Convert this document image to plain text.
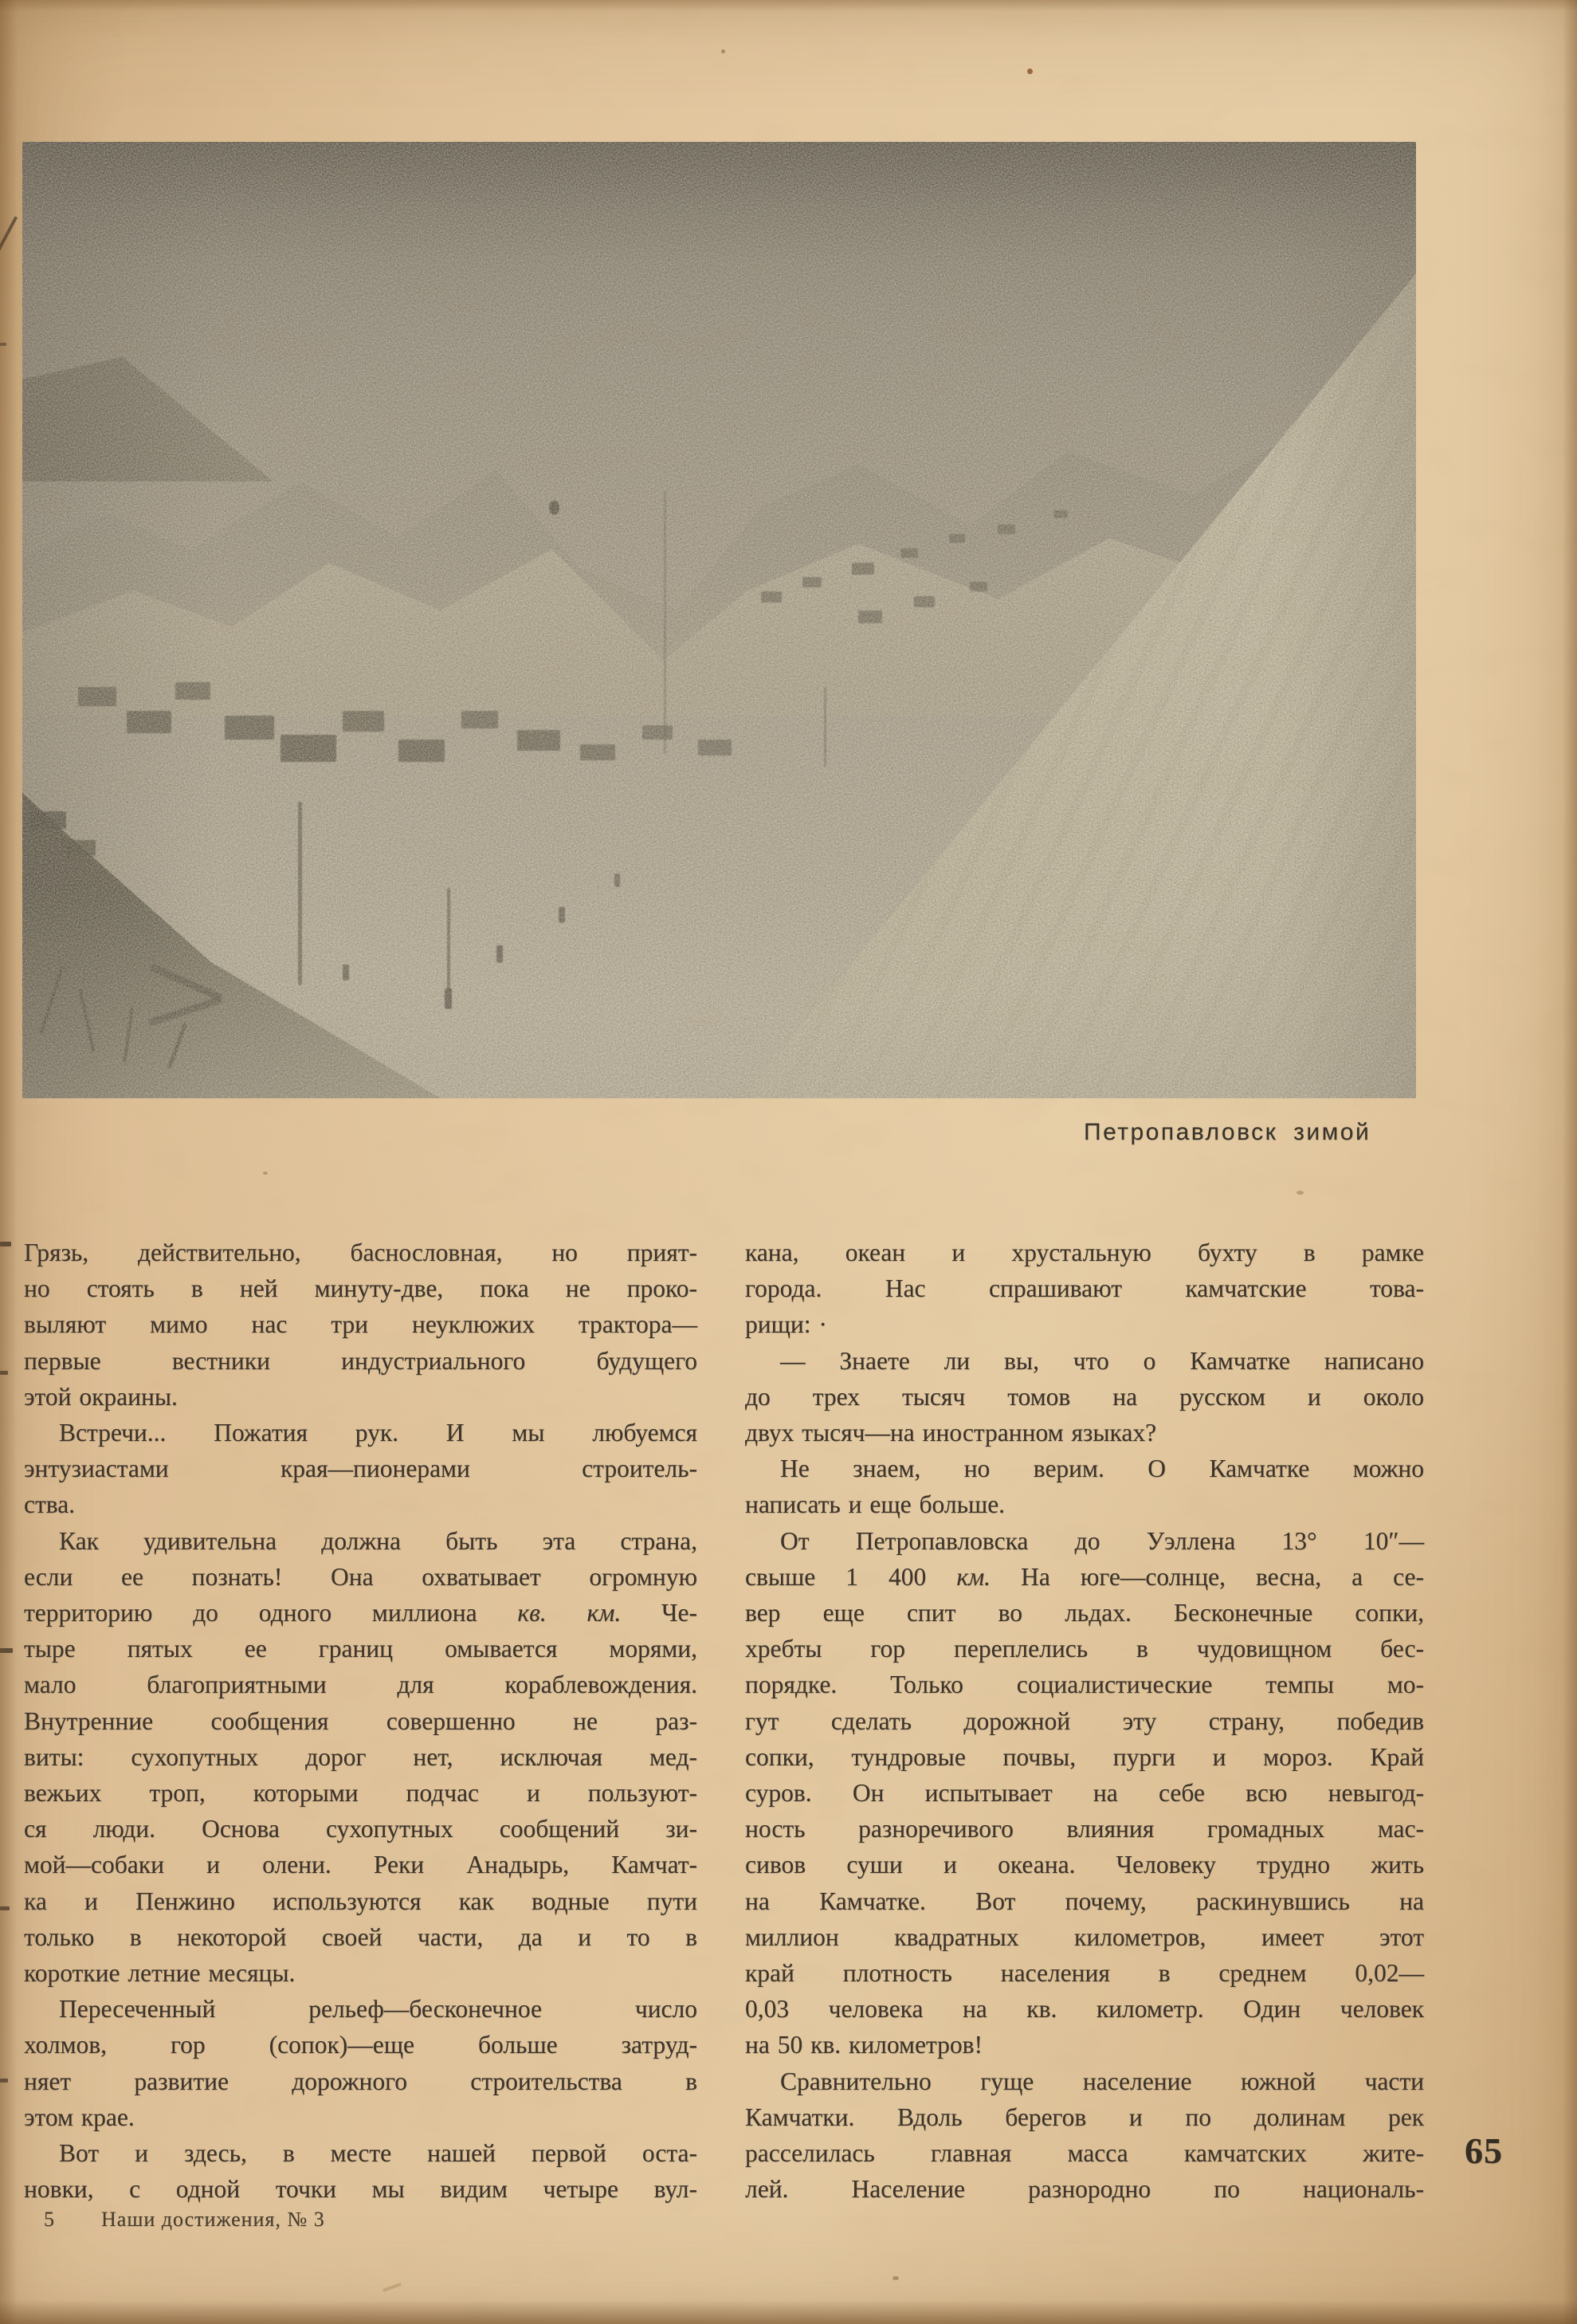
Петропавловск зимой
Грязь, действительно, баснословная, но прият-
но стоять в ней минуту-две, пока не проко-
выляют мимо нас три неуклюжих трактора—
первые вестники индустриального будущего
этой окраины.
Встречи... Пожатия рук. И мы любуемся
энтузиастами края—пионерами строитель-
ства.
Как удивительна должна быть эта страна,
если ее познать! Она охватывает огромную
территорию до одного миллиона кв. км. Че-
тыре пятых ее границ омывается морями,
мало благоприятными для кораблевождения.
Внутренние сообщения совершенно не раз-
виты: сухопутных дорог нет, исключая мед-
вежьих троп, которыми подчас и пользуют-
ся люди. Основа сухопутных сообщений зи-
мой—собаки и олени. Реки Анадырь, Камчат-
ка и Пенжино используются как водные пути
только в некоторой своей части, да и то в
короткие летние месяцы.
Пересеченный рельеф—бесконечное число
холмов, гор (сопок)—еще больше затруд-
няет развитие дорожного строительства в
этом крае.
Вот и здесь, в месте нашей первой оста-
новки, с одной точки мы видим четыре вул-
кана, океан и хрустальную бухту в рамке
города. Нас спрашивают камчатские това-
рищи: ·
— Знаете ли вы, что о Камчатке написано
до трех тысяч томов на русском и около
двух тысяч—на иностранном языках?
Не знаем, но верим. О Камчатке можно
написать и еще больше.
От Петропавловска до Уэллена 13° 10″—
свыше 1 400 км. На юге—солнце, весна, а се-
вер еще спит во льдах. Бесконечные сопки,
хребты гор переплелись в чудовищном бес-
порядке. Только социалистические темпы мо-
гут сделать дорожной эту страну, победив
сопки, тундровые почвы, пурги и мороз. Край
суров. Он испытывает на себе всю невыгод-
ность разноречивого влияния громадных мас-
сивов суши и океана. Человеку трудно жить
на Камчатке. Вот почему, раскинувшись на
миллион квадратных километров, имеет этот
край плотность населения в среднем 0,02—
0,03 человека на кв. километр. Один человек
на 50 кв. километров!
Сравнительно гуще население южной части
Камчатки. Вдоль берегов и по долинам рек
расселилась главная масса камчатских жите-
лей. Население разнородно по националь-
65
5 Наши достижения, № 3
